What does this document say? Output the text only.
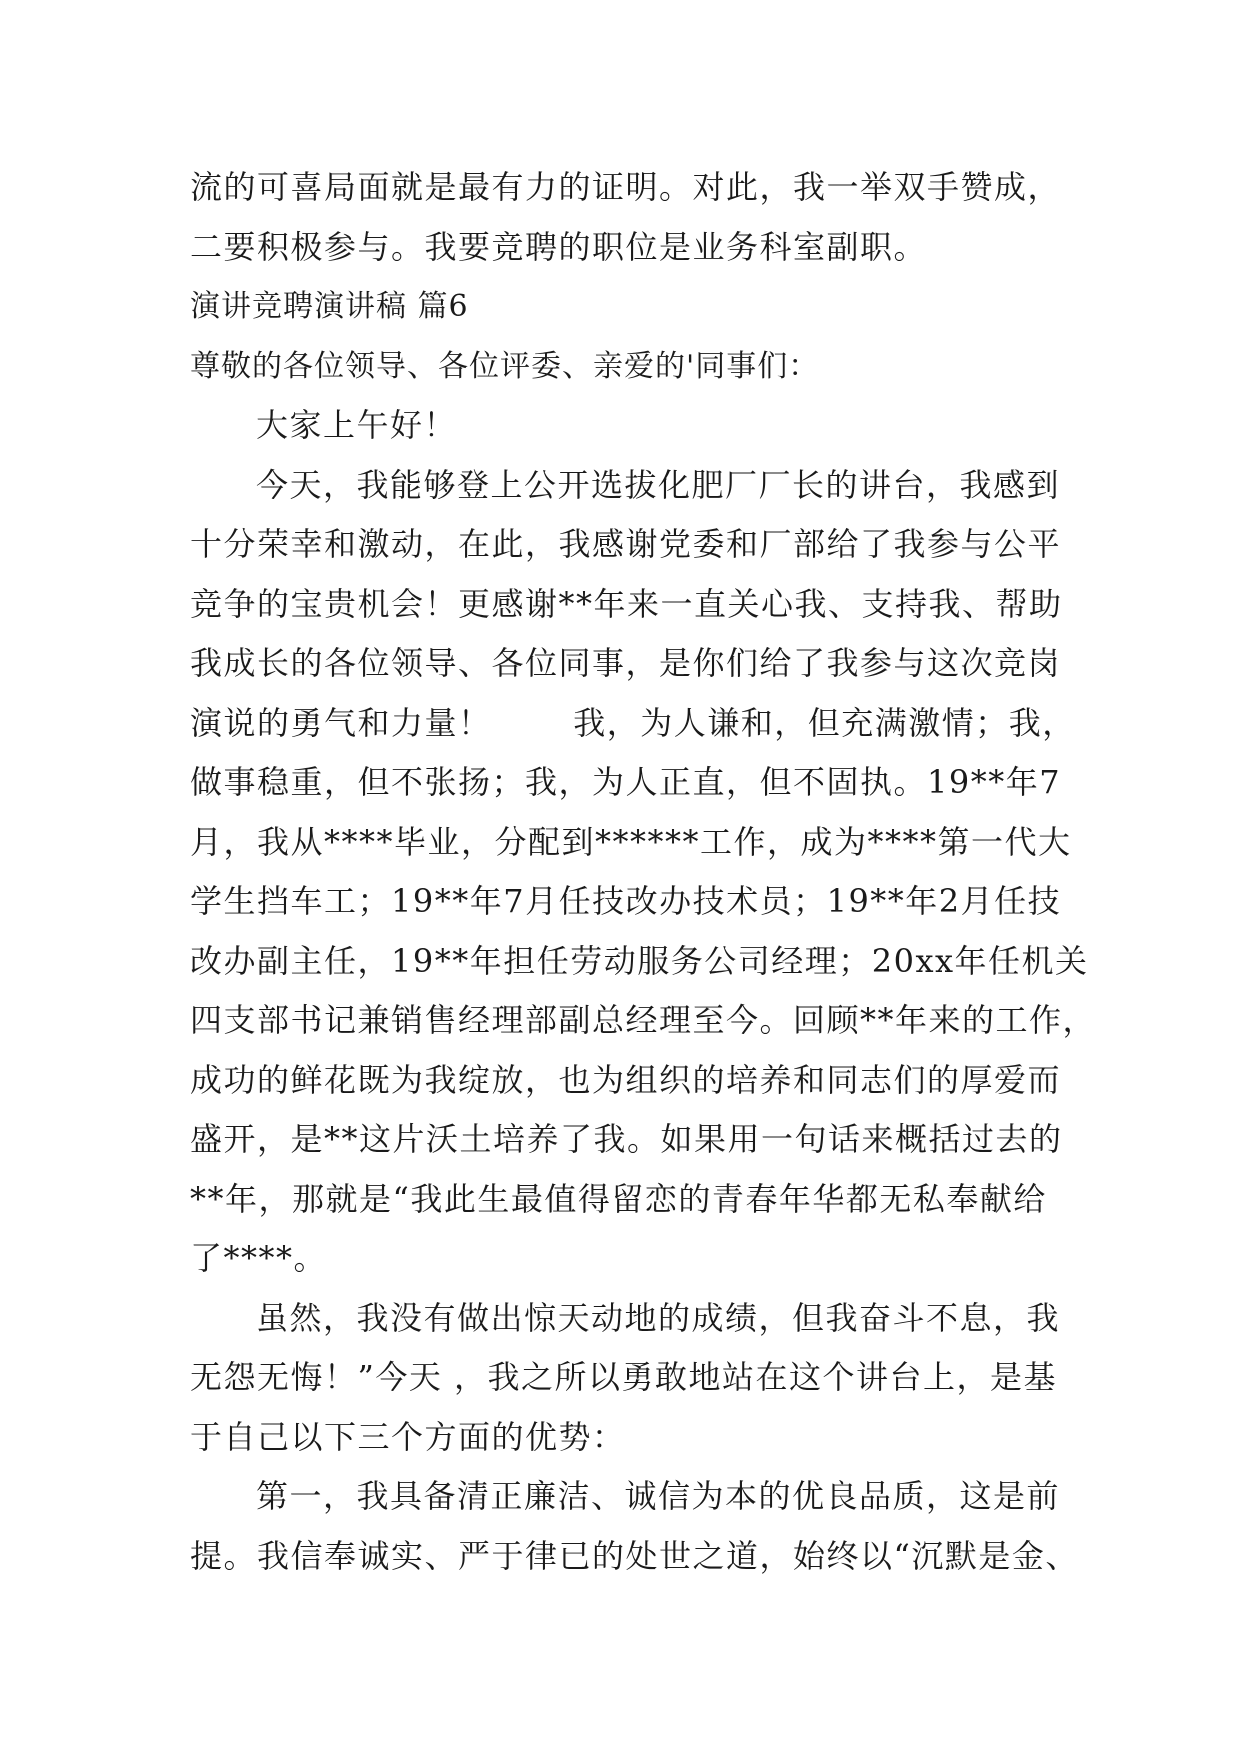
流的可喜局面就是最有力的证明。对此，我一举双手赞成，
二要积极参与。我要竞聘的职位是业务科室副职。
演讲竞聘演讲稿 篇6
尊敬的各位领导、各位评委、亲爱的'同事们：
大家上午好！
今天，我能够登上公开选拔化肥厂厂长的讲台，我感到
十分荣幸和激动，在此，我感谢党委和厂部给了我参与公平
竞争的宝贵机会！更感谢**年来一直关心我、支持我、帮助
我成长的各位领导、各位同事，是你们给了我参与这次竞岗
演说的勇气和力量！       我，为人谦和，但充满激情；我，
做事稳重，但不张扬；我，为人正直，但不固执。19**年7
月，我从****毕业，分配到******工作，成为****第一代大
学生挡车工；19**年7月任技改办技术员；19**年2月任技
改办副主任，19**年担任劳动服务公司经理；20xx年任机关
四支部书记兼销售经理部副总经理至今。回顾**年来的工作，
成功的鲜花既为我绽放，也为组织的培养和同志们的厚爱而
盛开，是**这片沃土培养了我。如果用一句话来概括过去的
**年，那就是“我此生最值得留恋的青春年华都无私奉献给
了****。
虽然，我没有做出惊天动地的成绩，但我奋斗不息，我
无怨无悔！”今天 ，我之所以勇敢地站在这个讲台上，是基
于自己以下三个方面的优势：
第一，我具备清正廉洁、诚信为本的优良品质，这是前
提。我信奉诚实、严于律已的处世之道，始终以“沉默是金、
